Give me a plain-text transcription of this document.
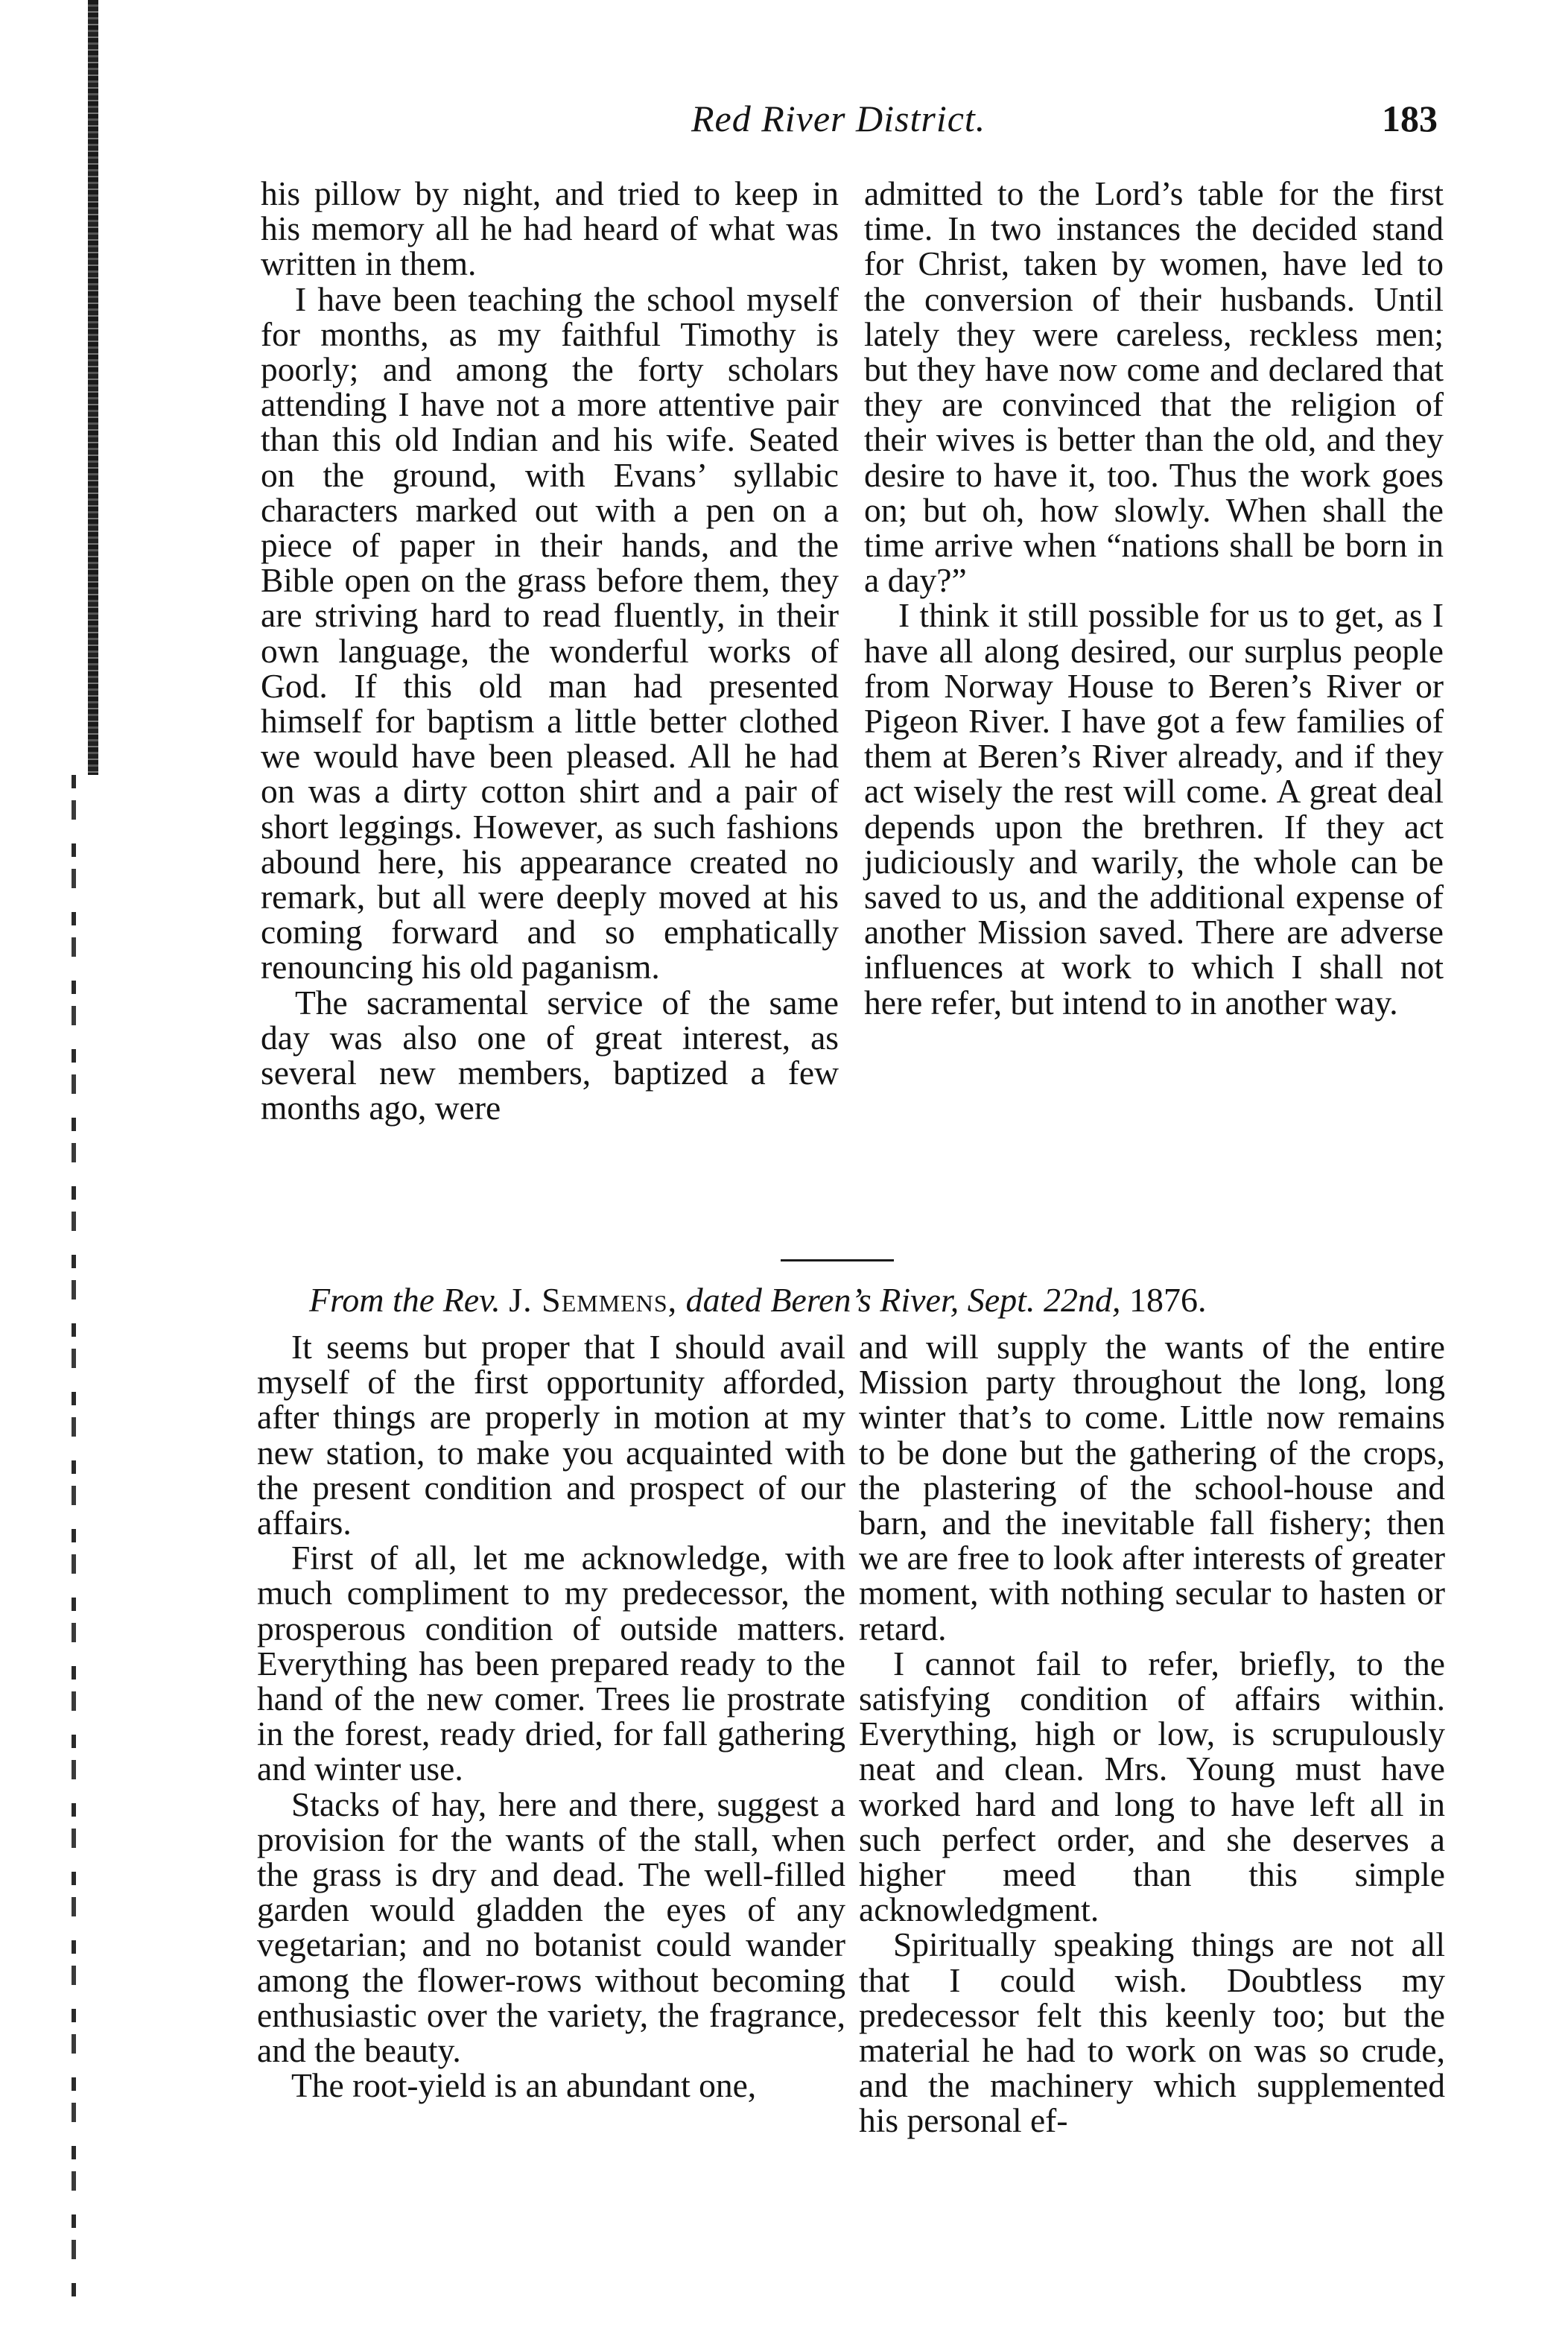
Red River District.	183

his pillow by night, and tried to keep in his memory all he had heard of what was written in them.

I have been teaching the school myself for months, as my faithful Timothy is poorly; and among the forty scholars attending I have not a more attentive pair than this old Indian and his wife. Seated on the ground, with Evans’ syllabic characters marked out with a pen on a piece of paper in their hands, and the Bible open on the grass before them, they are striving hard to read fluently, in their own language, the wonderful works of God. If this old man had presented himself for baptism a little better clothed we would have been pleased. All he had on was a dirty cotton shirt and a pair of short leggings. However, as such fashions abound here, his appearance created no remark, but all were deeply moved at his coming forward and so emphatically renouncing his old paganism.

The sacramental service of the same day was also one of great interest, as several new members, baptized a few months ago, were

admitted to the Lord’s table for the first time. In two instances the decided stand for Christ, taken by women, have led to the conversion of their husbands. Until lately they were careless, reckless men; but they have now come and declared that they are convinced that the religion of their wives is better than the old, and they desire to have it, too. Thus the work goes on; but oh, how slowly. When shall the time arrive when “nations shall be born in a day?”

I think it still possible for us to get, as I have all along desired, our surplus people from Norway House to Beren’s River or Pigeon River. I have got a few families of them at Beren’s River already, and if they act wisely the rest will come. A great deal depends upon the brethren. If they act judiciously and warily, the whole can be saved to us, and the additional expense of another Mission saved. There are adverse influences at work to which I shall not here refer, but intend to in another way.

From the Rev. J. Semmens, dated Beren’s River, Sept. 22nd, 1876.

It seems but proper that I should avail myself of the first opportunity afforded, after things are properly in motion at my new station, to make you acquainted with the present condition and prospect of our affairs.

First of all, let me acknowledge, with much compliment to my predecessor, the prosperous condition of outside matters. Everything has been prepared ready to the hand of the new comer. Trees lie prostrate in the forest, ready dried, for fall gathering and winter use.

Stacks of hay, here and there, suggest a provision for the wants of the stall, when the grass is dry and dead. The well-filled garden would gladden the eyes of any vegetarian; and no botanist could wander among the flower-rows without becoming enthusiastic over the variety, the fragrance, and the beauty.

The root-yield is an abundant one,

and will supply the wants of the entire Mission party throughout the long, long winter that’s to come. Little now remains to be done but the gathering of the crops, the plastering of the school-house and barn, and the inevitable fall fishery; then we are free to look after interests of greater moment, with nothing secular to hasten or retard.

I cannot fail to refer, briefly, to the satisfying condition of affairs within. Everything, high or low, is scrupulously neat and clean. Mrs. Young must have worked hard and long to have left all in such perfect order, and she deserves a higher meed than this simple acknowledgment.

Spiritually speaking things are not all that I could wish. Doubtless my predecessor felt this keenly too; but the material he had to work on was so crude, and the machinery which supplemented his personal ef-
